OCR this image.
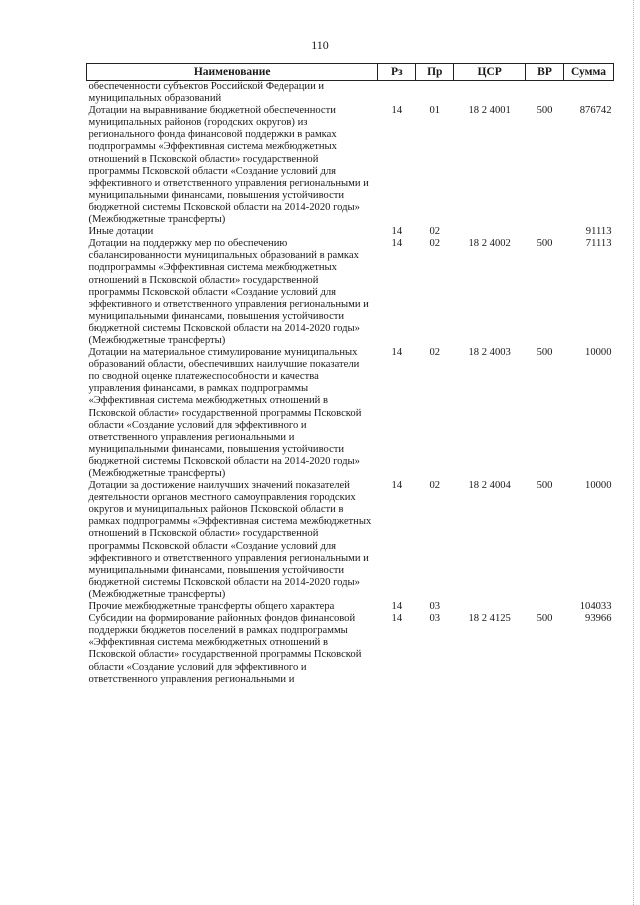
110
Наименование	Рз	Пр	ЦСР	ВР	Сумма
обеспеченности субъектов Российской Федерации и муниципальных образований					
Дотации на выравнивание бюджетной обеспеченности муниципальных районов (городских округов) из регионального фонда финансовой поддержки в рамках подпрограммы «Эффективная система межбюджетных отношений в Псковской области» государственной программы Псковской области «Создание условий для эффективного и ответственного управления региональными и муниципальными финансами, повышения устойчивости бюджетной системы Псковской области на 2014-2020 годы» (Межбюджетные трансферты)	14	01	18 2 4001	500	876742
Иные дотации	14	02			91113
Дотации на поддержку мер по обеспечению сбалансированности муниципальных образований в рамках подпрограммы «Эффективная система межбюджетных отношений в Псковской области» государственной программы Псковской области «Создание условий для эффективного и ответственного управления региональными и муниципальными финансами, повышения устойчивости бюджетной системы Псковской области на 2014-2020 годы» (Межбюджетные трансферты)	14	02	18 2 4002	500	71113
Дотации на материальное стимулирование муниципальных образований области, обеспечивших наилучшие показатели по сводной оценке платежеспособности и качества управления финансами, в рамках подпрограммы «Эффективная система межбюджетных отношений в Псковской области» государственной программы Псковской области «Создание условий для эффективного и ответственного управления региональными и муниципальными финансами, повышения устойчивости бюджетной системы Псковской области на 2014-2020 годы» (Межбюджетные трансферты)	14	02	18 2 4003	500	10000
Дотации за достижение наилучших значений показателей деятельности органов местного самоуправления городских округов и муниципальных районов Псковской области в рамках подпрограммы «Эффективная система межбюджетных отношений в Псковской области» государственной программы Псковской области «Создание условий для эффективного и ответственного управления региональными и муниципальными финансами, повышения устойчивости бюджетной системы Псковской области на 2014-2020 годы» (Межбюджетные трансферты)	14	02	18 2 4004	500	10000
Прочие межбюджетные трансферты общего характера	14	03			104033
Субсидии на формирование районных фондов финансовой поддержки бюджетов поселений в рамках подпрограммы «Эффективная система межбюджетных отношений в Псковской области» государственной программы Псковской области «Создание условий для эффективного и ответственного управления региональными и	14	03	18 2 4125	500	93966
